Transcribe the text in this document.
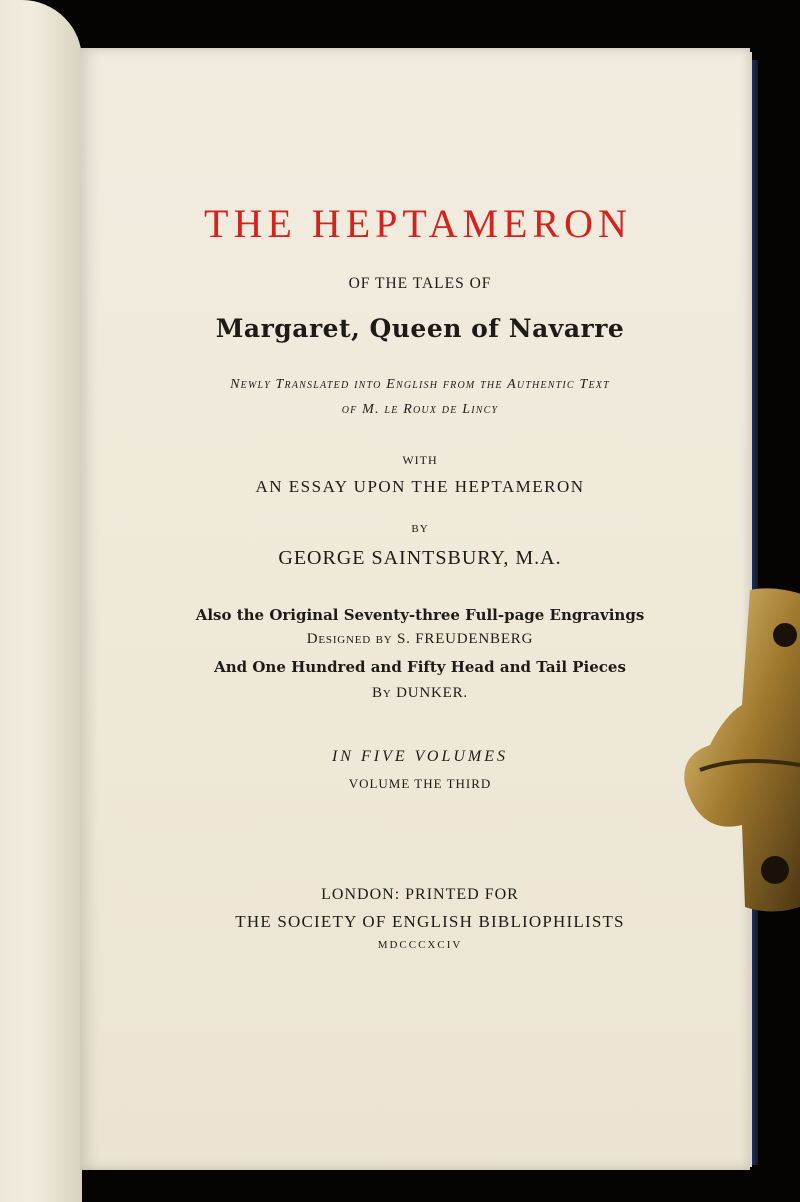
THE HEPTAMERON
OF THE TALES OF
Margaret, Queen of Navarre
Newly Translated into English from the Authentic Text
of M. le Roux de Lincy
WITH
AN ESSAY UPON THE HEPTAMERON
BY
GEORGE SAINTSBURY, M.A.
Also the Original Seventy-three Full-page Engravings
Designed by S. FREUDENBERG
And One Hundred and Fifty Head and Tail Pieces
By DUNKER.
IN FIVE VOLUMES
VOLUME THE THIRD
LONDON: PRINTED FOR
THE SOCIETY OF ENGLISH BIBLIOPHILISTS
MDCCCXCIV
